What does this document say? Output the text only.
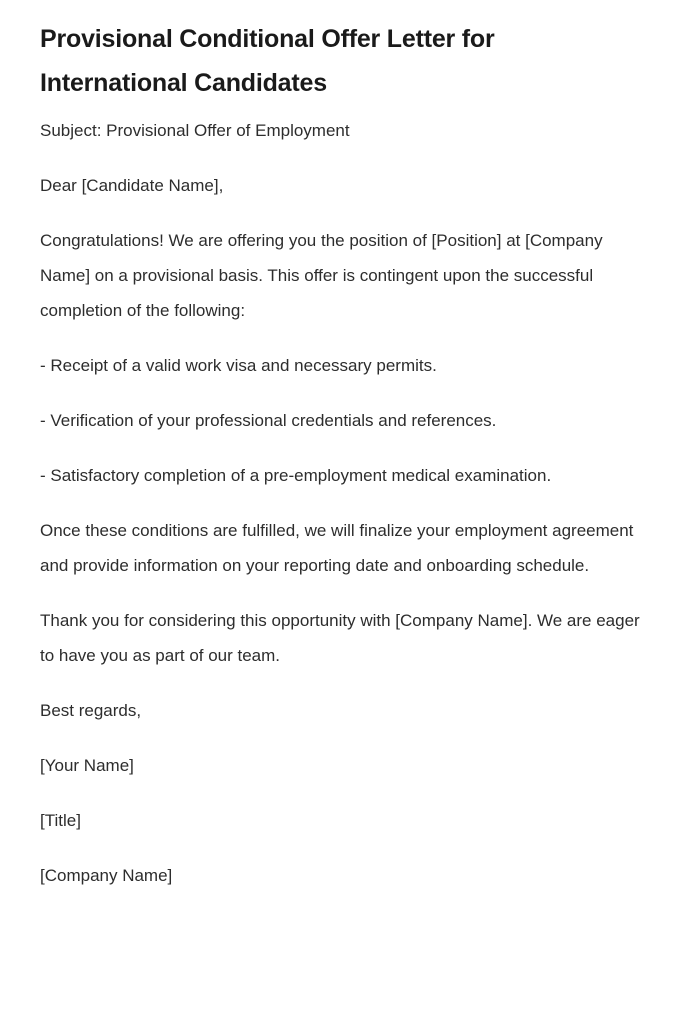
Provisional Conditional Offer Letter for International Candidates

Subject: Provisional Offer of Employment

Dear [Candidate Name],

Congratulations! We are offering you the position of [Position] at [Company Name] on a provisional basis. This offer is contingent upon the successful completion of the following:

- Receipt of a valid work visa and necessary permits.

- Verification of your professional credentials and references.

- Satisfactory completion of a pre-employment medical examination.

Once these conditions are fulfilled, we will finalize your employment agreement and provide information on your reporting date and onboarding schedule.

Thank you for considering this opportunity with [Company Name]. We are eager to have you as part of our team.

Best regards,

[Your Name]

[Title]

[Company Name]
